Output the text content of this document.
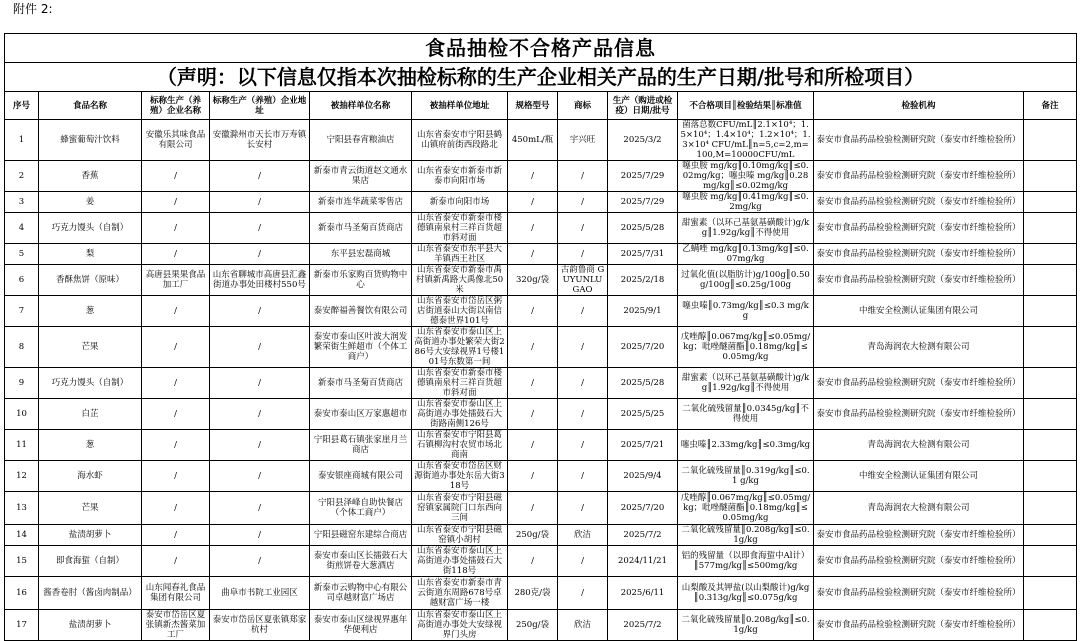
附件 2:
食品抽检不合格产品信息											
（声明：以下信息仅指本次抽检标称的生产企业相关产品的生产日期/批号和所检项目）											
序号	食品名称	标称生产（养殖）企业名称	标称生产（养殖）企业地址	被抽样单位名称	被抽样单位地址	规格型号	商标	生产（购进或检疫）日期/批号	不合格项目║检验结果║标准值	检验机构	备注
1	蜂蜜葡萄汁饮料	安徽乐其味食品有限公司	安徽滁州市天长市万寿镇长安村	宁阳县春宵粮油店	山东省泰安市宁阳县鹤山镇府前街西段路北	450mL/瓶	宇兴旺	2025/3/2	菌落总数CFU/mL║2.1×10⁴；1.5×10⁴；1.4×10⁴；1.2×10⁴；1.3×10⁴ CFU/mL║n=5,c=2,m=100,M=10000CFU/mL	泰安市食品药品检验检测研究院（泰安市纤维检验所）	
2	香蕉	/	/	新泰市青云街道赵文通水果店	山东省泰安市新泰市新泰市向阳市场	/	/	2025/7/29	噻虫胺 mg/kg║0.10mg/kg║≤0.02mg/kg；噻虫嗪 mg/kg║0.28mg/kg║≤0.02mg/kg	泰安市食品药品检验检测研究院（泰安市纤维检验所）	
3	姜	/	/	新泰市连华蔬菜零售店	新泰市向阳市场	/	/	2025/7/29	噻虫胺 mg/kg║0.41mg/kg║≤0.2mg/kg	泰安市食品药品检验检测研究院（泰安市纤维检验所）	
4	巧克力馒头（自制）	/	/	新泰市马圣菊百货商店	山东省泰安市新泰市楼德镇南泉村三祥百货超市斜对面	/	/	2025/5/28	甜蜜素（以环己基氨基磺酸计)g/kg║1.92g/kg║不得使用	泰安市食品药品检验检测研究院（泰安市纤维检验所）	
5	梨	/	/	东平县宏磊商城	山东省泰安市东平县大羊镇西王社区	/	/	2025/7/31	乙螨唑 mg/kg║0.13mg/kg║≤0.07mg/kg	泰安市食品药品检验检测研究院（泰安市纤维检验所）	
6	香酥焦饼（原味）	高唐县果果食品加工厂	山东省聊城市高唐县汇鑫街道办事处田楼村550号	新泰市乐家购百货购物中心	山东省泰安市新泰市禹村镇新禹路大禹像北50米	320g/袋	古韵鲁商 GUYUNLUGAO	2025/2/18	过氧化值(以脂肪计)g/100g║0.50g/100g║≤0.25g/100g	泰安市食品药品检验检测研究院（泰安市纤维检验所）	
7	葱	/	/	泰安醉福善餐饮有限公司	山东省泰安市岱岳区粥店街道泰山大街以南信德泰世界101号	/	/	2025/9/1	噻虫嗪║0.73mg/kg║≤0.3 mg/kg	中维安全检测认证集团有限公司	
8	芒果	/	/	泰安市泰山区叶波大润发繁荣街生鲜超市（个体工商户）	山东省泰安市泰山区上高街道办事处繁荣大街286号大安绿视界1号楼101号东数第一间	/	/	2025/7/20	戊唑醇║0.067mg/kg║≤0.05mg/kg；吡唑醚菌酯║0.18mg/kg║≤0.05mg/kg	青岛海润农大检测有限公司	
9	巧克力馒头（自制）	/	/	新泰市马圣菊百货商店	山东省泰安市新泰市楼德镇南泉村三祥百货超市斜对面	/	/	2025/5/28	甜蜜素（以环己基氨基磺酸计)g/kg║1.92g/kg║不得使用	泰安市食品药品检验检测研究院（泰安市纤维检验所）	
10	白芷	/	/	泰安市泰山区万家惠超市	山东省泰安市泰山区上高街道办事处擂鼓石大街路南侧126号	/	/	2025/5/25	二氧化硫残留量║0.0345g/kg║不得使用	泰安市食品药品检验检测研究院（泰安市纤维检验所）	
11	葱	/	/	宁阳县葛石镇张家崖月兰商店	山东省泰安市宁阳县葛石镇柳沟村农贸市场北商南	/	/	2025/7/21	噻虫嗪║2.33mg/kg║≤0.3mg/kg	青岛海润农大检测有限公司	
12	海水虾	/	/	泰安银座商城有限公司	山东省泰安市岱岳区财源街道办事处东岳大街318号	/	/	2025/9/4	二氧化硫残留量║0.319g/kg║≤0.1 g/kg	中维安全检测认证集团有限公司	
13	芒果	/	/	宁阳县泽峰自助快餐店（个体工商户）	山东省泰安市宁阳县磁窑镇家属院门口东西向三间	/	/	2025/7/20	戊唑醇║0.067mg/kg║≤0.05mg/kg；吡唑醚菌酯║0.18mg/kg║≤0.05mg/kg	青岛海润农大检测有限公司	
14	盐渍胡萝卜	/	/	宁阳县磁窑东建综合商店	山东省泰安市宁阳县磁窑镇小胡村	250g/袋	欣洁	2025/7/2	二氧化硫残留量║0.208g/kg║≤0.1g/kg	泰安市食品药品检验检测研究院（泰安市纤维检验所）	
15	即食海蜇（自制）	/	/	泰安市泰山区长擂鼓石大街煎饼卷大葱酒店	山东省泰安市泰山区上高街道办事处擂鼓石大街118号	/	/	2024/11/21	铝的残留量（以即食海蜇中Al计）║577mg/kg║≤500mg/kg	泰安市食品药品检验检测研究院（泰安市纤维检验所）	
16	酱香卷肘（酱卤肉制品）	山东闻春礼食品集团有限公司	曲阜市书院工业园区	新泰市云购物中心有限公司卓越财富广场店	山东省泰安市新泰市青云街道东周路678号卓越财富广场一楼	280克/袋	/	2025/6/11	山梨酸及其钾盐(以山梨酸计)g/kg║0.313g/kg║≤0.075g/kg	泰安市食品药品检验检测研究院（泰安市纤维检验所）	
17	盐渍胡萝卜	泰安市岱岳区夏张镇新杰酱菜加工厂	泰安市岱岳区夏张镇郑家杭村	泰安市泰山区绿视界惠年华便利店	山东省泰安市泰山区上高街道办事处大安绿视界门头房	250g/袋	欣洁	2025/7/2	二氧化硫残留量║0.208g/kg║≤0.1g/kg	泰安市食品药品检验检测研究院（泰安市纤维检验所）	
